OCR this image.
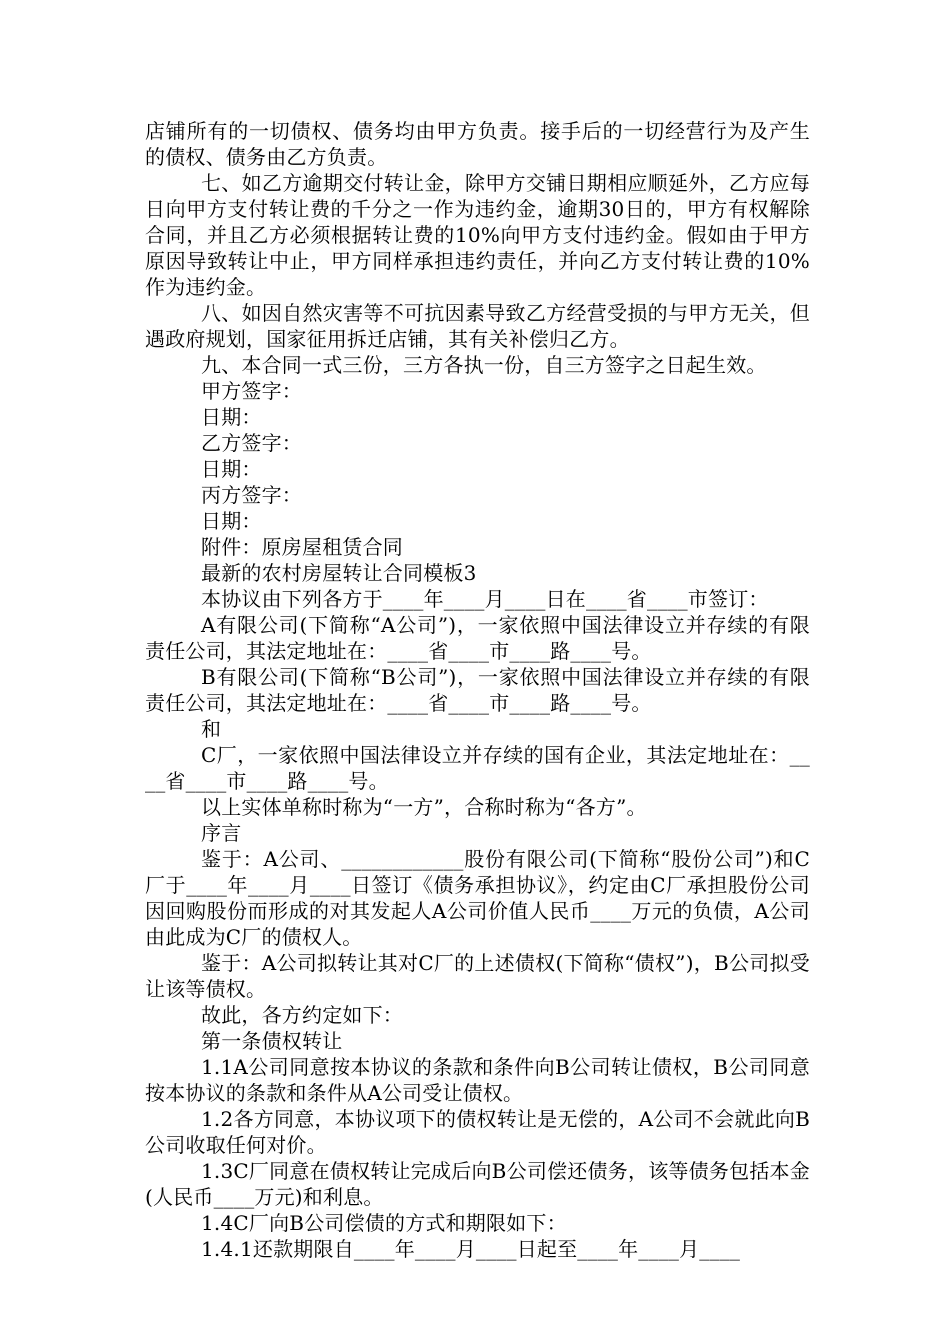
店铺所有的一切债权、债务均由甲方负责。接手后的一切经营行为及产生的债权、债务由乙方负责。

七、如乙方逾期交付转让金，除甲方交铺日期相应顺延外，乙方应每日向甲方支付转让费的千分之一作为违约金，逾期30日的，甲方有权解除合同，并且乙方必须根据转让费的10%向甲方支付违约金。假如由于甲方原因导致转让中止，甲方同样承担违约责任，并向乙方支付转让费的10%作为违约金。

八、如因自然灾害等不可抗因素导致乙方经营受损的与甲方无关，但遇政府规划，国家征用拆迁店铺，其有关补偿归乙方。

九、本合同一式三份，三方各执一份，自三方签字之日起生效。

甲方签字：

日期：

乙方签字：

日期：

丙方签字：

日期：

附件：原房屋租赁合同

最新的农村房屋转让合同模板3

本协议由下列各方于____年____月____日在____省____市签订：

A有限公司(下简称“A公司”)，一家依照中国法律设立并存续的有限责任公司，其法定地址在：____省____市____路____号。

B有限公司(下简称“B公司”)，一家依照中国法律设立并存续的有限责任公司，其法定地址在：____省____市____路____号。

和

C厂，一家依照中国法律设立并存续的国有企业，其法定地址在：____省____市____路____号。

以上实体单称时称为“一方”，合称时称为“各方”。

序言

鉴于：A公司、____________股份有限公司(下简称“股份公司”)和C厂于____年____月____日签订《债务承担协议》，约定由C厂承担股份公司因回购股份而形成的对其发起人A公司价值人民币____万元的负债，A公司由此成为C厂的债权人。

鉴于：A公司拟转让其对C厂的上述债权(下简称“债权”)，B公司拟受让该等债权。

故此，各方约定如下：

第一条债权转让

1.1A公司同意按本协议的条款和条件向B公司转让债权，B公司同意按本协议的条款和条件从A公司受让债权。

1.2各方同意，本协议项下的债权转让是无偿的，A公司不会就此向B公司收取任何对价。

1.3C厂同意在债权转让完成后向B公司偿还债务，该等债务包括本金(人民币____万元)和利息。

1.4C厂向B公司偿债的方式和期限如下：

1.4.1还款期限自____年____月____日起至____年____月____
